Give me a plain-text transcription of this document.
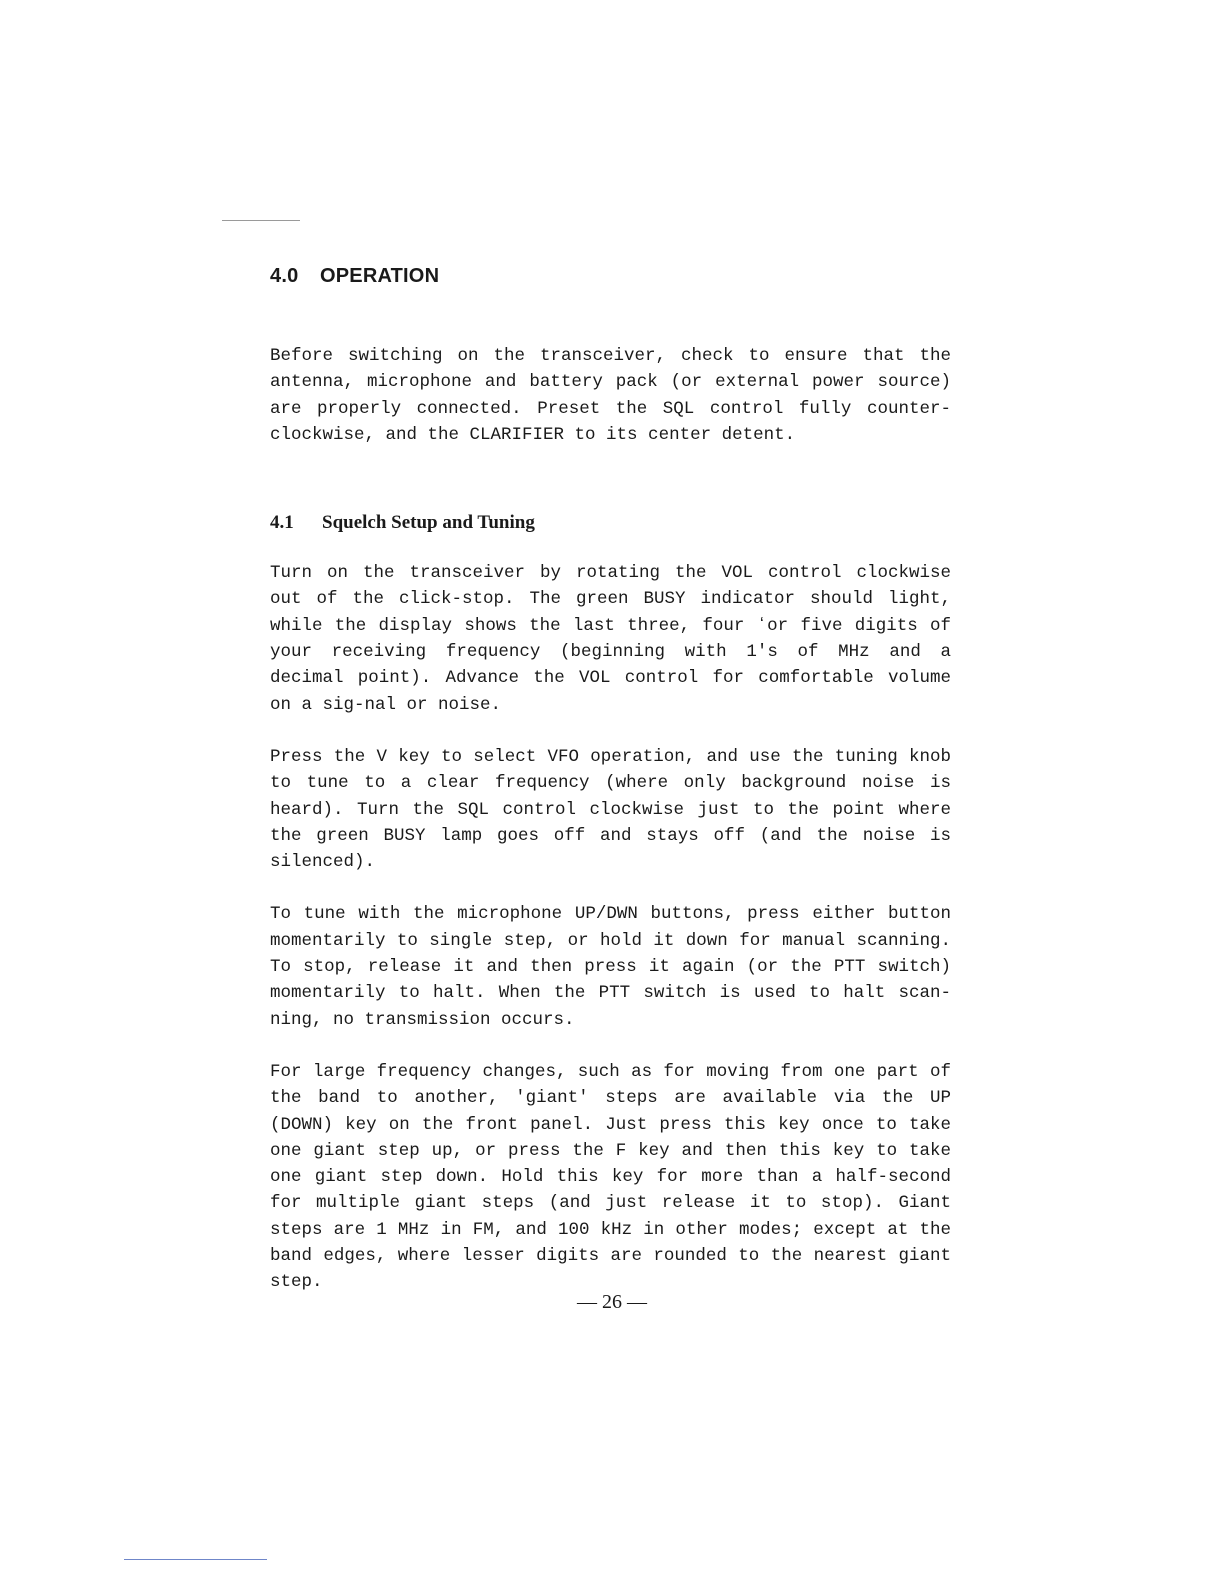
4.0 OPERATION

Before switching on the transceiver, check to ensure that the antenna, microphone and battery pack (or external power source) are properly connected. Preset the SQL control fully counter-clockwise, and the CLARIFIER to its center detent.

4.1 Squelch Setup and Tuning

Turn on the transceiver by rotating the VOL control clockwise out of the click-stop. The green BUSY indicator should light, while the display shows the last three, four ʻor five digits of your receiving frequency (beginning with 1's of MHz and a decimal point). Advance the VOL control for comfortable volume on a sig-nal or noise.

Press the V key to select VFO operation, and use the tuning knob to tune to a clear frequency (where only background noise is heard). Turn the SQL control clockwise just to the point where the green BUSY lamp goes off and stays off (and the noise is silenced).

To tune with the microphone UP/DWN buttons, press either button momentarily to single step, or hold it down for manual scanning. To stop, release it and then press it again (or the PTT switch) momentarily to halt. When the PTT switch is used to halt scan-ning, no transmission occurs.

For large frequency changes, such as for moving from one part of the band to another, 'giant' steps are available via the UP (DOWN) key on the front panel. Just press this key once to take one giant step up, or press the F key and then this key to take one giant step down. Hold this key for more than a half-second for multiple giant steps (and just release it to stop). Giant steps are 1 MHz in FM, and 100 kHz in other modes; except at the band edges, where lesser digits are rounded to the nearest giant step.

— 26 —
